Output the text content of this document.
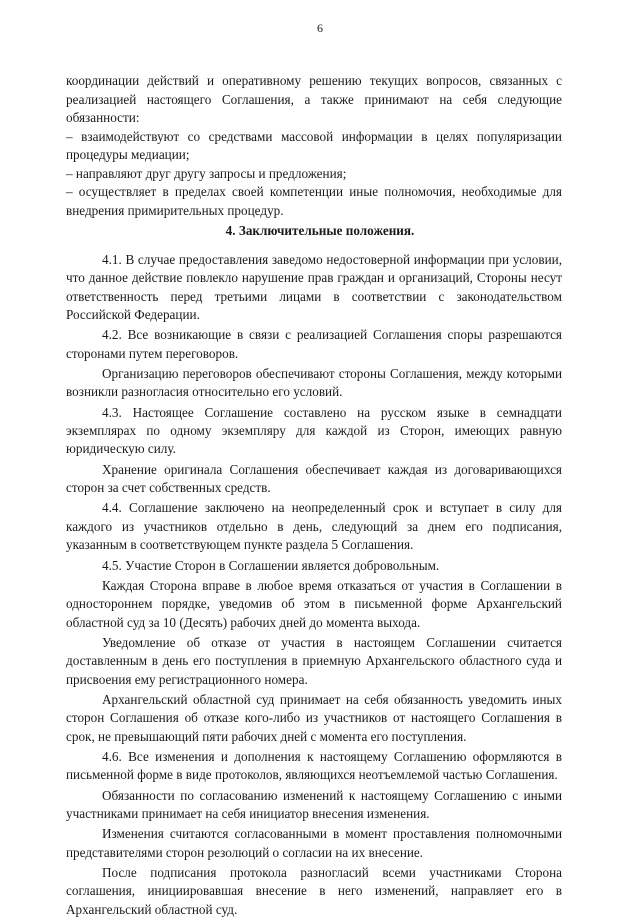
6

координации действий и оперативному решению текущих вопросов, связанных с реализацией настоящего Соглашения, а также принимают на себя следующие обязанности:

– взаимодействуют со средствами массовой информации в целях популяризации процедуры медиации;

– направляют друг другу запросы и предложения;

– осуществляет в пределах своей компетенции иные полномочия, необходимые для внедрения примирительных процедур.

4. Заключительные положения.

4.1. В случае предоставления заведомо недостоверной информации при условии, что данное действие повлекло нарушение прав граждан и организаций, Стороны несут ответственность перед третьими лицами в соответствии с законодательством Российской Федерации.

4.2. Все возникающие в связи с реализацией Соглашения споры разрешаются сторонами путем переговоров.

Организацию переговоров обеспечивают стороны Соглашения, между которыми возникли разногласия относительно его условий.

4.3. Настоящее Соглашение составлено на русском языке в семнадцати экземплярах по одному экземпляру для каждой из Сторон, имеющих равную юридическую силу.

Хранение оригинала Соглашения обеспечивает каждая из договаривающихся сторон за счет собственных средств.

4.4. Соглашение заключено на неопределенный срок и вступает в силу для каждого из участников отдельно в день, следующий за днем его подписания, указанным в соответствующем пункте раздела 5 Соглашения.

4.5. Участие Сторон в Соглашении является добровольным.

Каждая Сторона вправе в любое время отказаться от участия в Соглашении в одностороннем порядке, уведомив об этом в письменной форме Архангельский областной суд за 10 (Десять) рабочих дней до момента выхода.

Уведомление об отказе от участия в настоящем Соглашении считается доставленным в день его поступления в приемную Архангельского областного суда и присвоения ему регистрационного номера.

Архангельский областной суд принимает на себя обязанность уведомить иных сторон Соглашения об отказе кого-либо из участников от настоящего Соглашения в срок, не превышающий пяти рабочих дней с момента его поступления.

4.6. Все изменения и дополнения к настоящему Соглашению оформляются в письменной форме в виде протоколов, являющихся неотъемлемой частью Соглашения.

Обязанности по согласованию изменений к настоящему Соглашению с иными участниками принимает на себя инициатор внесения изменения.

Изменения считаются согласованными в момент проставления полномочными представителями сторон резолюций о согласии на их внесение.

После подписания протокола разногласий всеми участниками Сторона соглашения, инициировавшая внесение в него изменений, направляет его в Архангельский областной суд.
